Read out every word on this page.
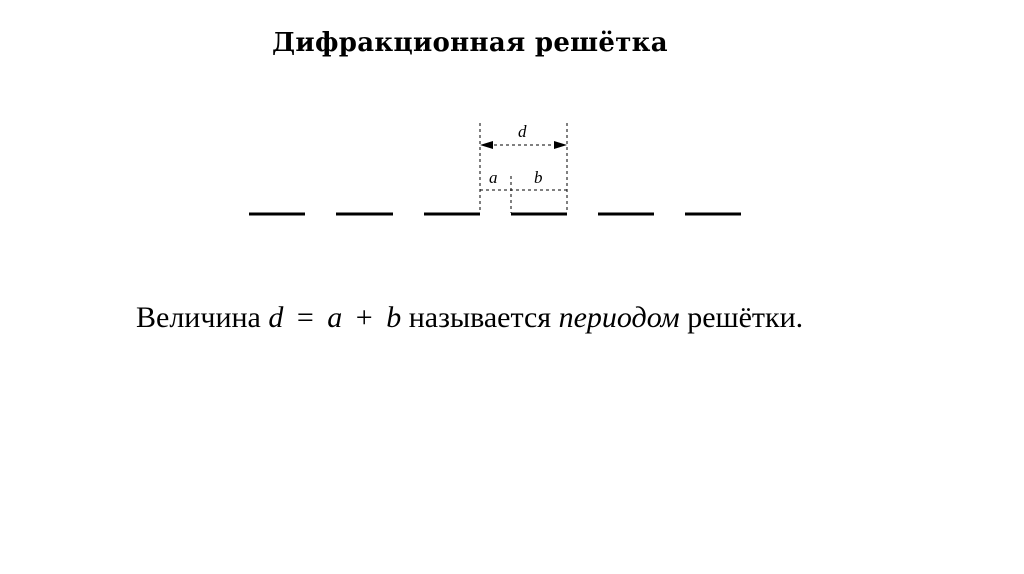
Дифракционная решётка
d
a b
Величина d = a + b называется периодом решётки.
